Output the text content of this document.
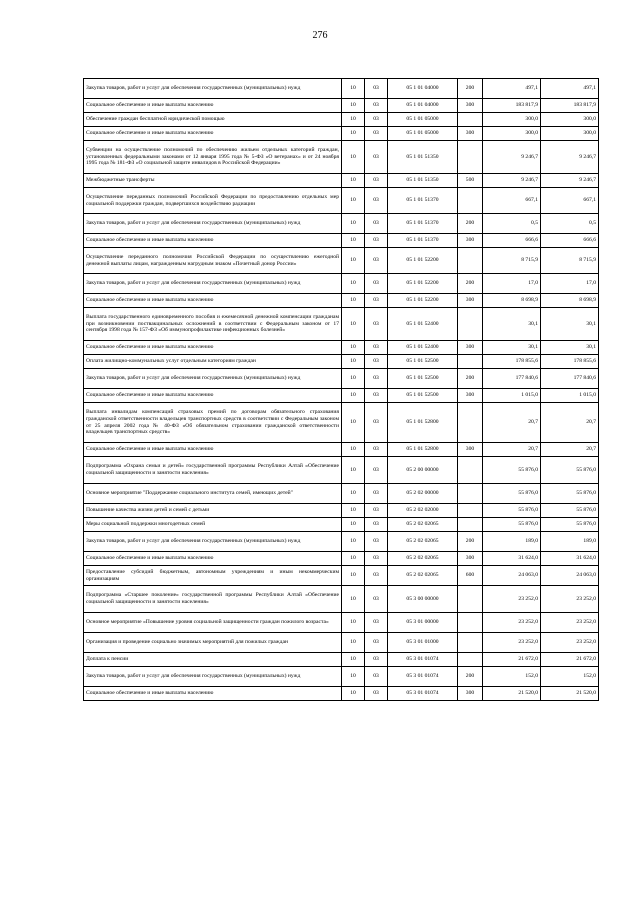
276
Закупка товаров, работ и услуг для обеспечения государственных (муниципальных) нужд	10	03	05 1 01 04000	200	497,1	497,1
Социальное обеспечение и иные выплаты населению	10	03	05 1 01 04000	300	183 817,9	183 817,9
Обеспечение граждан бесплатной юридической помощью	10	03	05 1 01 05000		300,0	300,0
Социальное обеспечение и иные выплаты населению	10	03	05 1 01 05000	300	300,0	300,0
Субвенции на осуществление полномочий по обеспечению жильем отдельных категорий граждан, установленных федеральными законами от 12 января 1995 года № 5-ФЗ «О ветеранах» и от 24 ноября 1995 года № 181-ФЗ «О социальной защите инвалидов в Российской Федерации»	10	03	05 1 01 51350		9 246,7	9 246,7
Межбюджетные трансферты	10	03	05 1 01 51350	500	9 246,7	9 246,7
Осуществление переданных полномочий Российской Федерации по предоставлению отдельных мер социальной поддержки граждан, подвергшихся воздействию радиации	10	03	05 1 01 51370		667,1	667,1
Закупка товаров, работ и услуг для обеспечения государственных (муниципальных) нужд	10	03	05 1 01 51370	200	0,5	0,5
Социальное обеспечение и иные выплаты населению	10	03	05 1 01 51370	300	666,6	666,6
Осуществление переданного полномочия Российской Федерации по осуществлению ежегодной денежной выплаты лицам, награжденным нагрудным знаком «Почетный донор России»	10	03	05 1 01 52200		8 715,9	8 715,9
Закупка товаров, работ и услуг для обеспечения государственных (муниципальных) нужд	10	03	05 1 01 52200	200	17,0	17,0
Социальное обеспечение и иные выплаты населению	10	03	05 1 01 52200	300	8 698,9	8 698,9
Выплата государственного единовременного пособия и ежемесячной денежной компенсации гражданам при возникновении поствакцинальных осложнений в соответствии с Федеральным законом от 17 сентября 1998 года № 157-ФЗ «Об иммунопрофилактике инфекционных болезней»	10	03	05 1 01 52400		30,1	30,1
Социальное обеспечение и иные выплаты населению	10	03	05 1 01 52400	300	30,1	30,1
Оплата жилищно-коммунальных услуг отдельным категориям граждан	10	03	05 1 01 52500		178 855,6	178 855,6
Закупка товаров, работ и услуг для обеспечения государственных (муниципальных) нужд	10	03	05 1 01 52500	200	177 840,6	177 840,6
Социальное обеспечение и иные выплаты населению	10	03	05 1 01 52500	300	1 015,0	1 015,0
Выплата инвалидам компенсаций страховых премий по договорам обязательного страхования гражданской ответственности владельцев транспортных средств в соответствии с Федеральным законом от 25 апреля 2002 года № 40-ФЗ «Об обязательном страховании гражданской ответственности владельцев транспортных средств»	10	03	05 1 01 52800		20,7	20,7
Социальное обеспечение и иные выплаты населению	10	03	05 1 01 52800	300	20,7	20,7
Подпрограмма «Охрана семьи и детей» государственной программы Республики Алтай «Обеспечение социальной защищенности и занятости населения»	10	03	05 2 00 00000		55 876,0	55 876,0
Основное мероприятие "Поддержание социального института семей, имеющих детей"	10	03	05 2 02 00000		55 876,0	55 876,0
Повышение качества жизни детей и семей с детьми	10	03	05 2 02 02000		55 876,0	55 876,0
Меры социальной поддержки многодетных семей	10	03	05 2 02 02065		55 876,0	55 876,0
Закупка товаров, работ и услуг для обеспечения государственных (муниципальных) нужд	10	03	05 2 02 02065	200	189,0	189,0
Социальное обеспечение и иные выплаты населению	10	03	05 2 02 02065	300	31 624,0	31 624,0
Предоставление субсидий бюджетным, автономным учреждениям и иным некоммерческим организациям	10	03	05 2 02 02065	600	24 063,0	24 063,0
Подпрограмма «Старшее поколение» государственной программы Республики Алтай «Обеспечение социальной защищенности и занятости населения»	10	03	05 3 00 00000		23 252,0	23 252,0
Основное мероприятие «Повышение уровня социальной защищенности граждан пожилого возраста»	10	03	05 3 01 00000		23 252,0	23 252,0
Организация и проведение социально значимых мероприятий для пожилых граждан	10	03	05 3 01 01000		23 252,0	23 252,0
Доплата к пенсии	10	03	05 3 01 01074		21 672,0	21 672,0
Закупка товаров, работ и услуг для обеспечения государственных (муниципальных) нужд	10	03	05 3 01 01074	200	152,0	152,0
Социальное обеспечение и иные выплаты населению	10	03	05 3 01 01074	300	21 520,0	21 520,0
